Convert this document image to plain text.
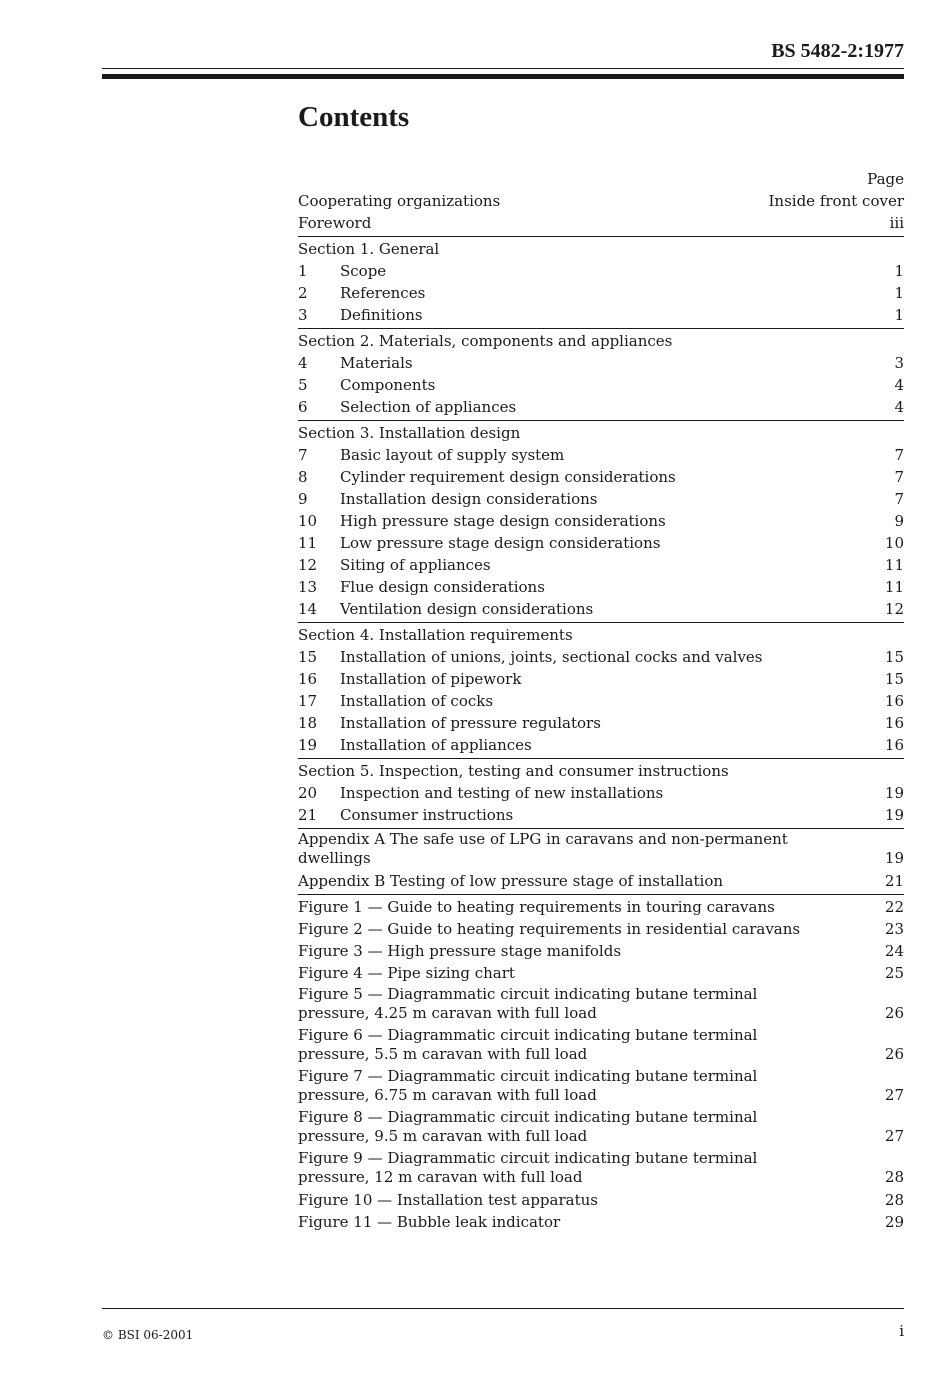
BS 5482-2:1977
Contents
Page
Cooperating organizations	Inside front cover
Foreword	iii
Section 1. General
1 Scope	1
2 References	1
3 Definitions	1
Section 2. Materials, components and appliances
4 Materials	3
5 Components	4
6 Selection of appliances	4
Section 3. Installation design
7 Basic layout of supply system	7
8 Cylinder requirement design considerations	7
9 Installation design considerations	7
10 High pressure stage design considerations	9
11 Low pressure stage design considerations	10
12 Siting of appliances	11
13 Flue design considerations	11
14 Ventilation design considerations	12
Section 4. Installation requirements
15 Installation of unions, joints, sectional cocks and valves	15
16 Installation of pipework	15
17 Installation of cocks	16
18 Installation of pressure regulators	16
19 Installation of appliances	16
Section 5. Inspection, testing and consumer instructions
20 Inspection and testing of new installations	19
21 Consumer instructions	19
Appendix A The safe use of LPG in caravans and non-permanent dwellings	19
Appendix B Testing of low pressure stage of installation	21
Figure 1 — Guide to heating requirements in touring caravans	22
Figure 2 — Guide to heating requirements in residential caravans	23
Figure 3 — High pressure stage manifolds	24
Figure 4 — Pipe sizing chart	25
Figure 5 — Diagrammatic circuit indicating butane terminal pressure, 4.25 m caravan with full load	26
Figure 6 — Diagrammatic circuit indicating butane terminal pressure, 5.5 m caravan with full load	26
Figure 7 — Diagrammatic circuit indicating butane terminal pressure, 6.75 m caravan with full load	27
Figure 8 — Diagrammatic circuit indicating butane terminal pressure, 9.5 m caravan with full load	27
Figure 9 — Diagrammatic circuit indicating butane terminal pressure, 12 m caravan with full load	28
Figure 10 — Installation test apparatus	28
Figure 11 — Bubble leak indicator	29
© BSI 06-2001	i
